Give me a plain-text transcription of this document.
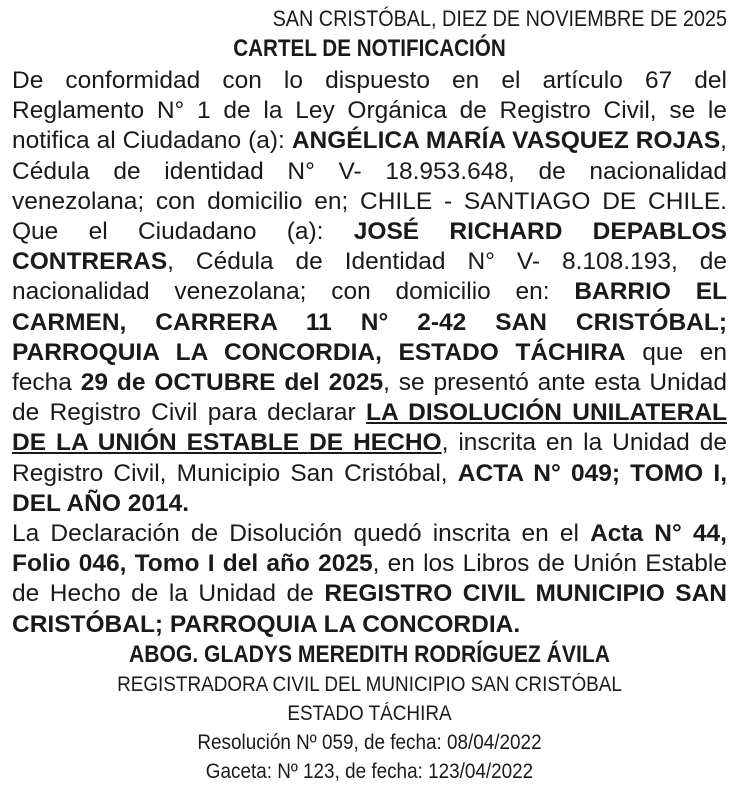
SAN CRISTÓBAL, DIEZ DE NOVIEMBRE DE 2025
CARTEL DE NOTIFICACIÓN

De conformidad con lo dispuesto en el artículo 67 del Reglamento N° 1 de la Ley Orgánica de Registro Civil, se le notifica al Ciudadano (a): ANGÉLICA MARÍA VASQUEZ ROJAS, Cédula de identidad N° V- 18.953.648, de nacionalidad venezolana; con domicilio en; CHILE - SANTIAGO DE CHILE. Que el Ciudadano (a): JOSÉ RICHARD DEPABLOS CONTRERAS, Cédula de Identidad N° V- 8.108.193, de nacionalidad venezolana; con domicilio en: BARRIO EL CARMEN, CARRERA 11 N° 2-42 SAN CRISTÓBAL; PARROQUIA LA CONCORDIA, ESTADO TÁCHIRA que en fecha 29 de OCTUBRE del 2025, se presentó ante esta Unidad de Registro Civil para declarar LA DISOLUCIÓN UNILATERAL DE LA UNIÓN ESTABLE DE HECHO, inscrita en la Unidad de Registro Civil, Municipio San Cristóbal, ACTA N° 049; TOMO I, DEL AÑO 2014.

La Declaración de Disolución quedó inscrita en el Acta N° 44, Folio 046, Tomo I del año 2025, en los Libros de Unión Estable de Hecho de la Unidad de REGISTRO CIVIL MUNICIPIO SAN CRISTÓBAL; PARROQUIA LA CONCORDIA.

ABOG. GLADYS MEREDITH RODRÍGUEZ ÁVILA
REGISTRADORA CIVIL DEL MUNICIPIO SAN CRISTÓBAL
ESTADO TÁCHIRA
Resolución Nº 059, de fecha: 08/04/2022
Gaceta: Nº 123, de fecha: 123/04/2022
